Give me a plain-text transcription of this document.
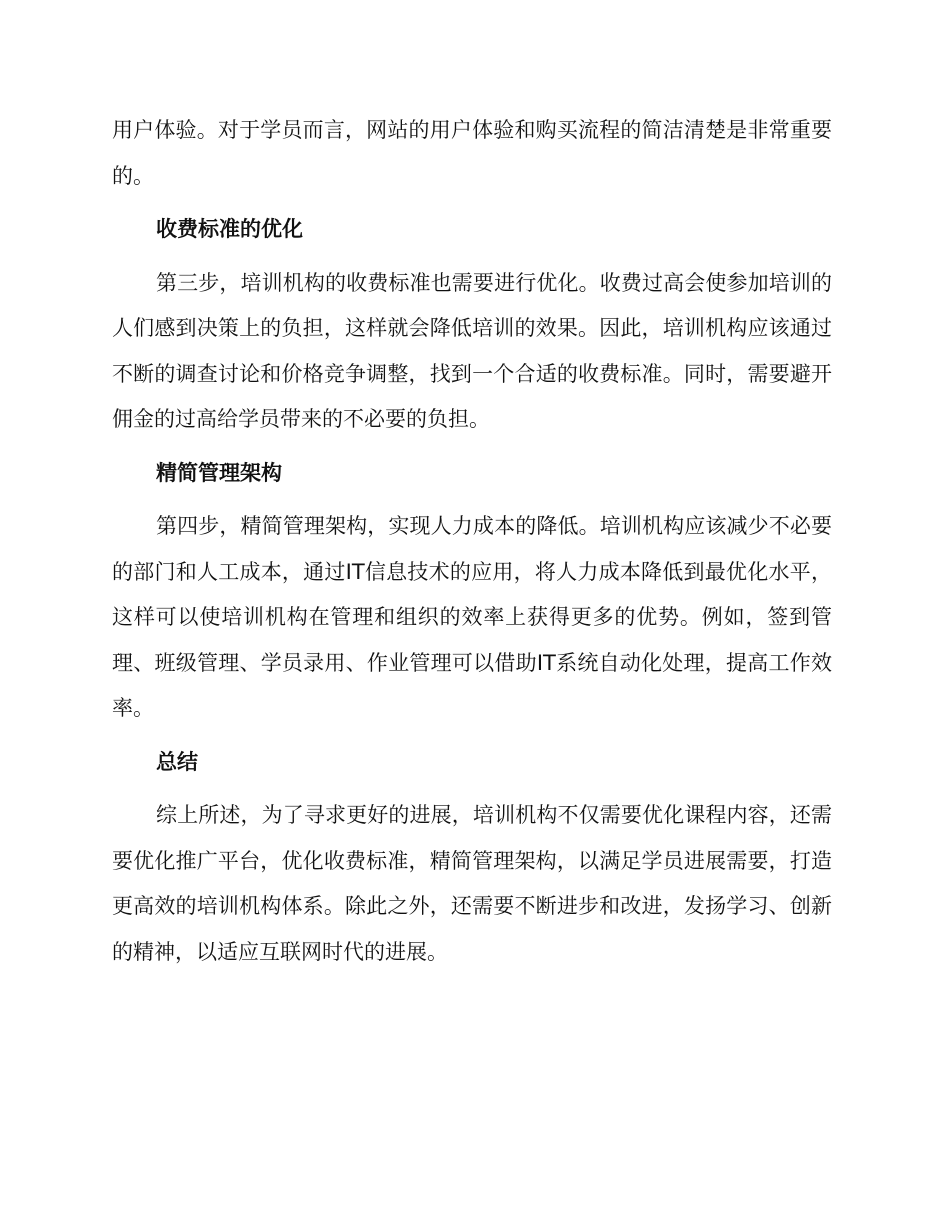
用户体验。对于学员而言，网站的用户体验和购买流程的简洁清楚是非常重要的。

收费标准的优化

第三步，培训机构的收费标准也需要进行优化。收费过高会使参加培训的人们感到决策上的负担，这样就会降低培训的效果。因此，培训机构应该通过不断的调查讨论和价格竞争调整，找到一个合适的收费标准。同时，需要避开佣金的过高给学员带来的不必要的负担。

精简管理架构

第四步，精简管理架构，实现人力成本的降低。培训机构应该减少不必要的部门和人工成本，通过IT信息技术的应用，将人力成本降低到最优化水平，这样可以使培训机构在管理和组织的效率上获得更多的优势。例如，签到管理、班级管理、学员录用、作业管理可以借助IT系统自动化处理，提高工作效率。

总结

综上所述，为了寻求更好的进展，培训机构不仅需要优化课程内容，还需要优化推广平台，优化收费标准，精简管理架构，以满足学员进展需要，打造更高效的培训机构体系。除此之外，还需要不断进步和改进，发扬学习、创新的精神，以适应互联网时代的进展。
